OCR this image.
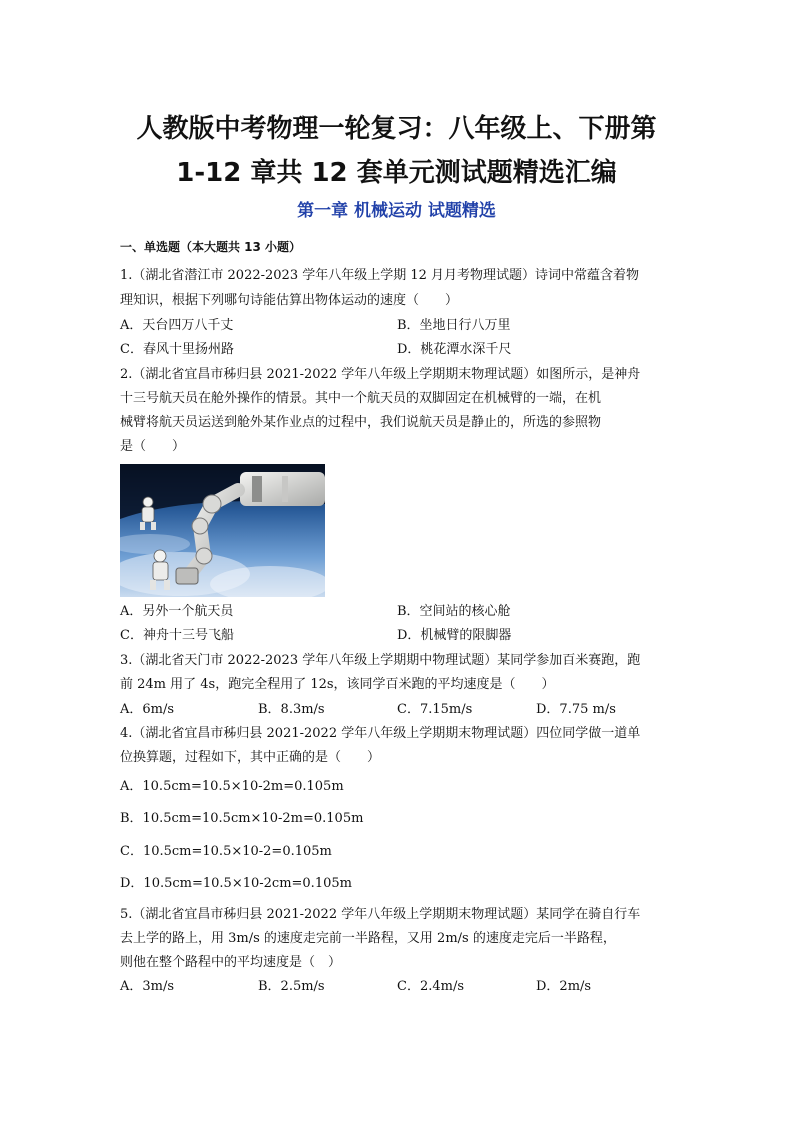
人教版中考物理一轮复习：八年级上、下册第
1-12 章共 12 套单元测试题精选汇编
第一章 机械运动 试题精选
一、单选题（本大题共 13 小题）
1.（湖北省潜江市 2022-2023 学年八年级上学期 12 月月考物理试题）诗词中常蕴含着物
理知识，根据下列哪句诗能估算出物体运动的速度（　　）
A．天台四万八千丈	B．坐地日行八万里
C．春风十里扬州路	D．桃花潭水深千尺
2.（湖北省宜昌市秭归县 2021-2022 学年八年级上学期期末物理试题）如图所示，是神舟
十三号航天员在舱外操作的情景。其中一个航天员的双脚固定在机械臂的一端，在机
械臂将航天员运送到舱外某作业点的过程中，我们说航天员是静止的，所选的参照物
是（　　）
A．另外一个航天员	B．空间站的核心舱
C．神舟十三号飞船	D．机械臂的限脚器
3.（湖北省天门市 2022-2023 学年八年级上学期期中物理试题）某同学参加百米赛跑，跑
前 24m 用了 4s，跑完全程用了 12s，该同学百米跑的平均速度是（　　）
A．6m/s	B．8.3m/s	C．7.15m/s	D．7.75 m/s
4.（湖北省宜昌市秭归县 2021-2022 学年八年级上学期期末物理试题）四位同学做一道单
位换算题，过程如下，其中正确的是（　　）
A．10.5cm=10.5×10-2m=0.105m
B．10.5cm=10.5cm×10-2m=0.105m
C．10.5cm=10.5×10-2=0.105m
D．10.5cm=10.5×10-2cm=0.105m
5.（湖北省宜昌市秭归县 2021-2022 学年八年级上学期期末物理试题）某同学在骑自行车
去上学的路上，用 3m/s 的速度走完前一半路程，又用 2m/s 的速度走完后一半路程，
则他在整个路程中的平均速度是（　）
A．3m/s	B．2.5m/s	C．2.4m/s	D．2m/s
